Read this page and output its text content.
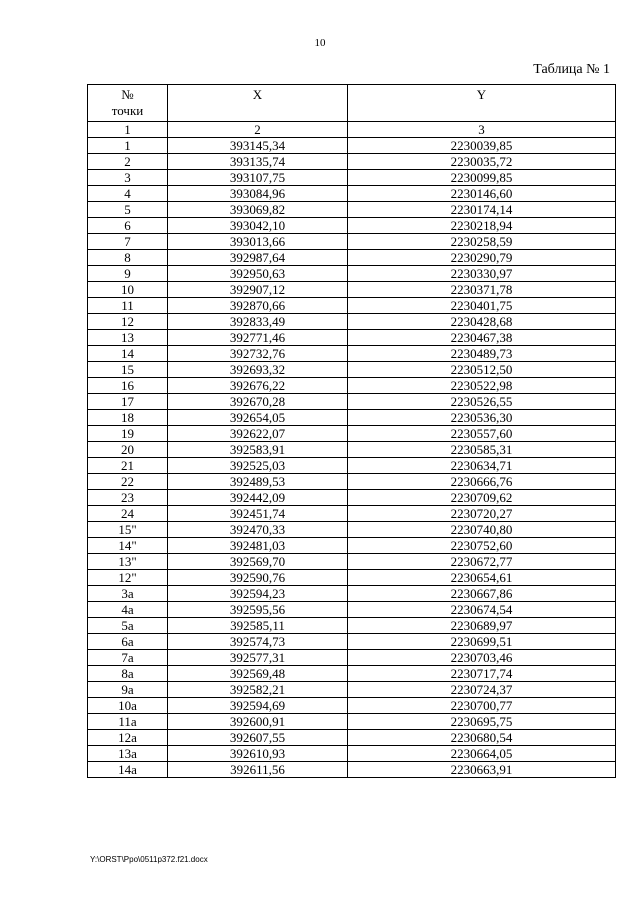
10
Таблица № 1
№
точки	X	Y
1	2	3
1	393145,34	2230039,85
2	393135,74	2230035,72
3	393107,75	2230099,85
4	393084,96	2230146,60
5	393069,82	2230174,14
6	393042,10	2230218,94
7	393013,66	2230258,59
8	392987,64	2230290,79
9	392950,63	2230330,97
10	392907,12	2230371,78
11	392870,66	2230401,75
12	392833,49	2230428,68
13	392771,46	2230467,38
14	392732,76	2230489,73
15	392693,32	2230512,50
16	392676,22	2230522,98
17	392670,28	2230526,55
18	392654,05	2230536,30
19	392622,07	2230557,60
20	392583,91	2230585,31
21	392525,03	2230634,71
22	392489,53	2230666,76
23	392442,09	2230709,62
24	392451,74	2230720,27
15"	392470,33	2230740,80
14"	392481,03	2230752,60
13"	392569,70	2230672,77
12"	392590,76	2230654,61
3а	392594,23	2230667,86
4а	392595,56	2230674,54
5а	392585,11	2230689,97
6а	392574,73	2230699,51
7а	392577,31	2230703,46
8а	392569,48	2230717,74
9а	392582,21	2230724,37
10а	392594,69	2230700,77
11а	392600,91	2230695,75
12а	392607,55	2230680,54
13а	392610,93	2230664,05
14а	392611,56	2230663,91
Y:\ORST\Ppo\0511p372.f21.docx
